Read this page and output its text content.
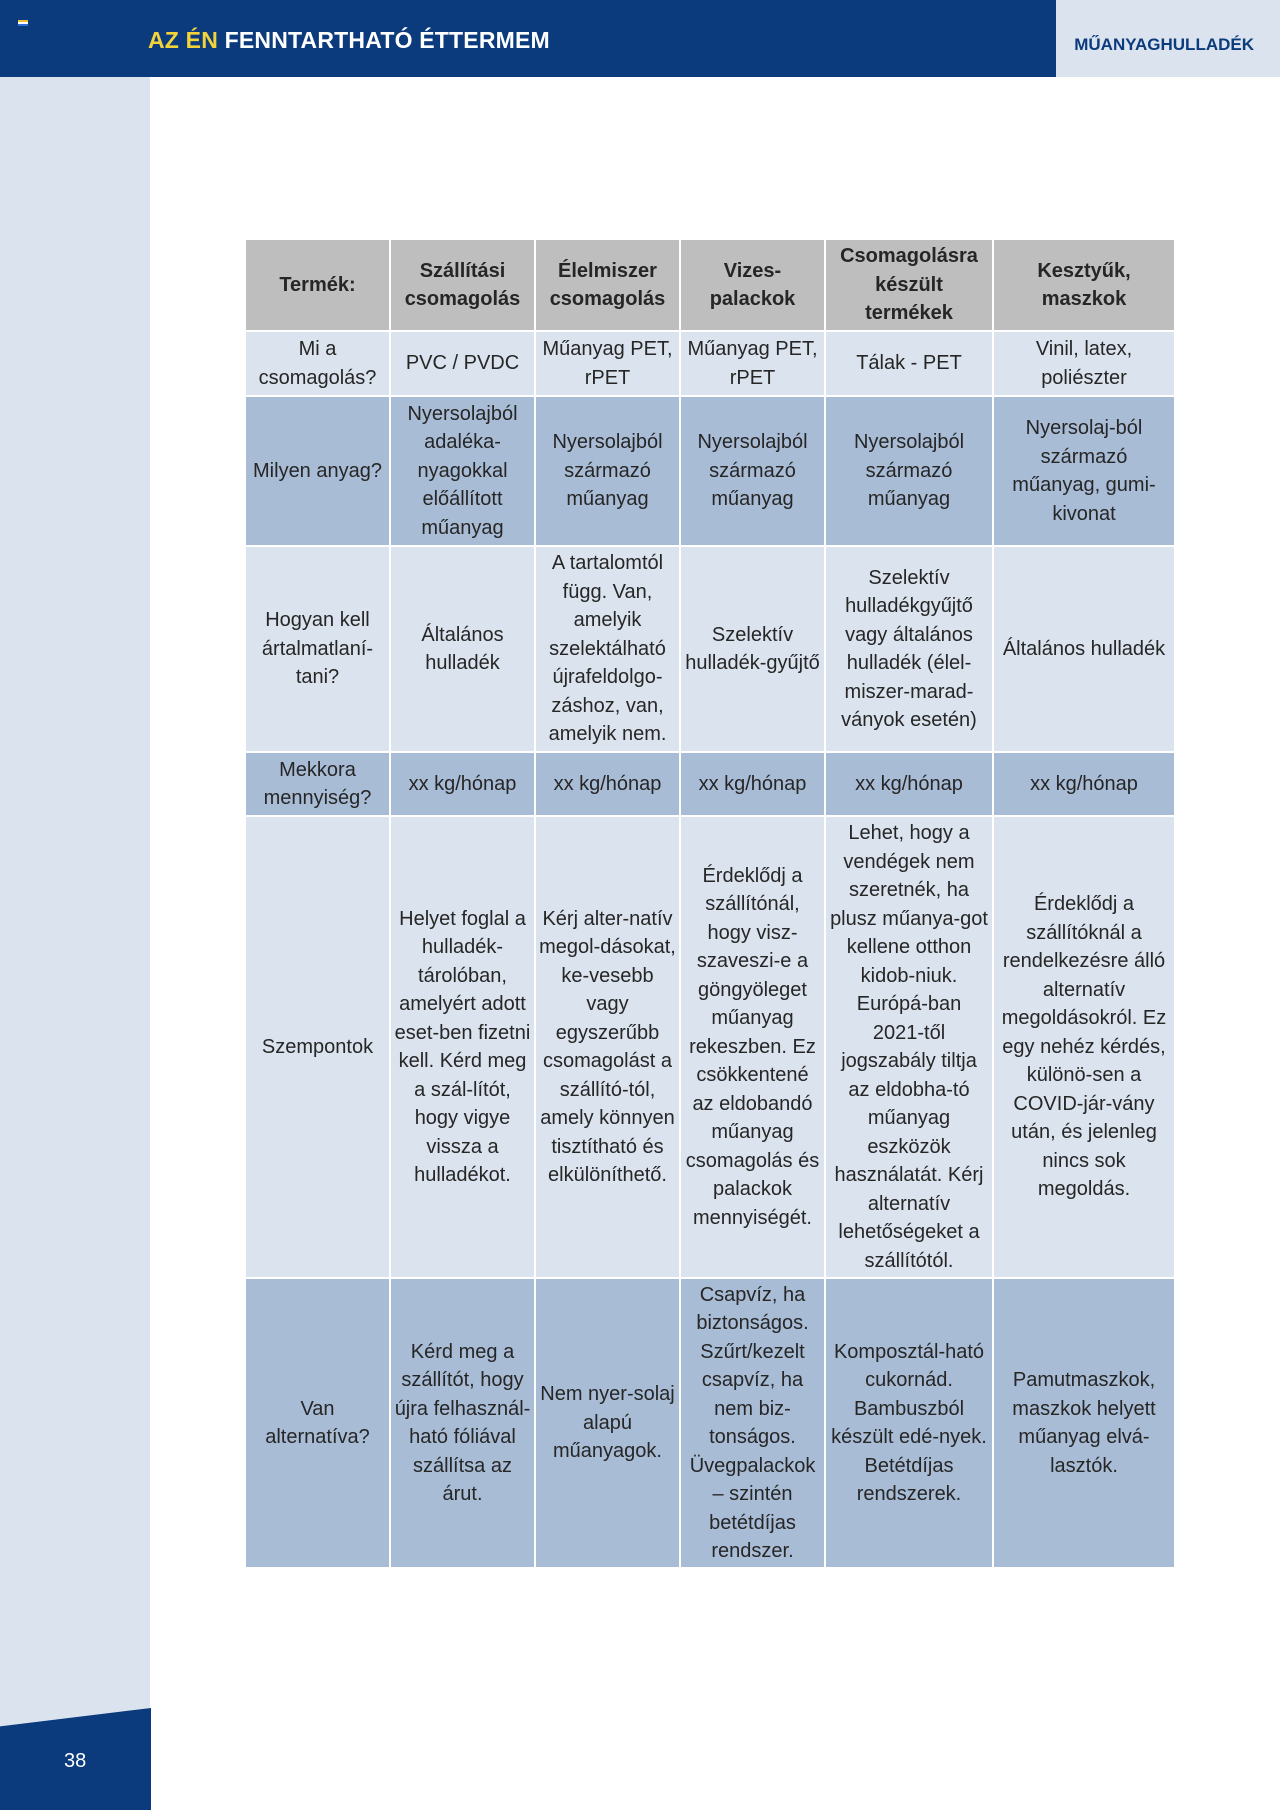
AZ ÉN FENNTARTHATÓ ÉTTERMEM	MŰANYAGHULLADÉK
38
Termék:	Szállítási csomagolás	Élelmiszer csomagolás	Vizes-palackok	Csomagolásra készült termékek	Kesztyűk, maszkok
Mi a csomagolás?	PVC / PVDC	Műanyag PET, rPET	Műanyag PET, rPET	Tálak - PET	Vinil, latex, poliészter
Milyen anyag?	Nyersolajból adaléka-nyagokkal előállított műanyag	Nyersolajból származó műanyag	Nyersolajból származó műanyag	Nyersolajból származó műanyag	Nyersolaj-ból származó műanyag, gumi-kivonat
Hogyan kell ártalmatlaní-tani?	Általános hulladék	A tartalomtól függ. Van, amelyik szelektálható újrafeldolgo-záshoz, van, amelyik nem.	Szelektív hulladék-gyűjtő	Szelektív hulladékgyűjtő vagy általános hulladék (élel-miszer-marad-ványok esetén)	Általános hulladék
Mekkora mennyiség?	xx kg/hónap	xx kg/hónap	xx kg/hónap	xx kg/hónap	xx kg/hónap
Szempontok	Helyet foglal a hulladék-tárolóban, amelyért adott eset-ben fizetni kell. Kérd meg a szál-lítót, hogy vigye vissza a hulladékot.	Kérj alter-natív megol-dásokat, ke-vesebb vagy egyszerűbb csomagolást a szállító-tól, amely könnyen tisztítható és elkülöníthető.	Érdeklődj a szállítónál, hogy visz-szaveszi-e a göngyöleget műanyag rekeszben. Ez csökkentené az eldobandó műanyag csomagolás és palackok mennyiségét.	Lehet, hogy a vendégek nem szeretnék, ha plusz műanya-got kellene otthon kidob-niuk. Európá-ban 2021-től jogszabály tiltja az eldobha-tó műanyag eszközök használatát. Kérj alternatív lehetőségeket a szállítótól.	Érdeklődj a szállítóknál a rendelkezésre álló alternatív megoldásokról. Ez egy nehéz kérdés, különö-sen a COVID-jár-vány után, és jelenleg nincs sok megoldás.
Van alternatíva?	Kérd meg a szállítót, hogy újra felhasznál-ható fóliával szállítsa az árut.	Nem nyer-solaj alapú műanyagok.	Csapvíz, ha biztonságos. Szűrt/kezelt csapvíz, ha nem biz-tonságos. Üvegpalackok – szintén betétdíjas rendszer.	Komposztál-ható cukornád. Bambuszból készült edé-nyek. Betétdíjas rendszerek.	Pamutmaszkok, maszkok helyett műanyag elvá-lasztók.
